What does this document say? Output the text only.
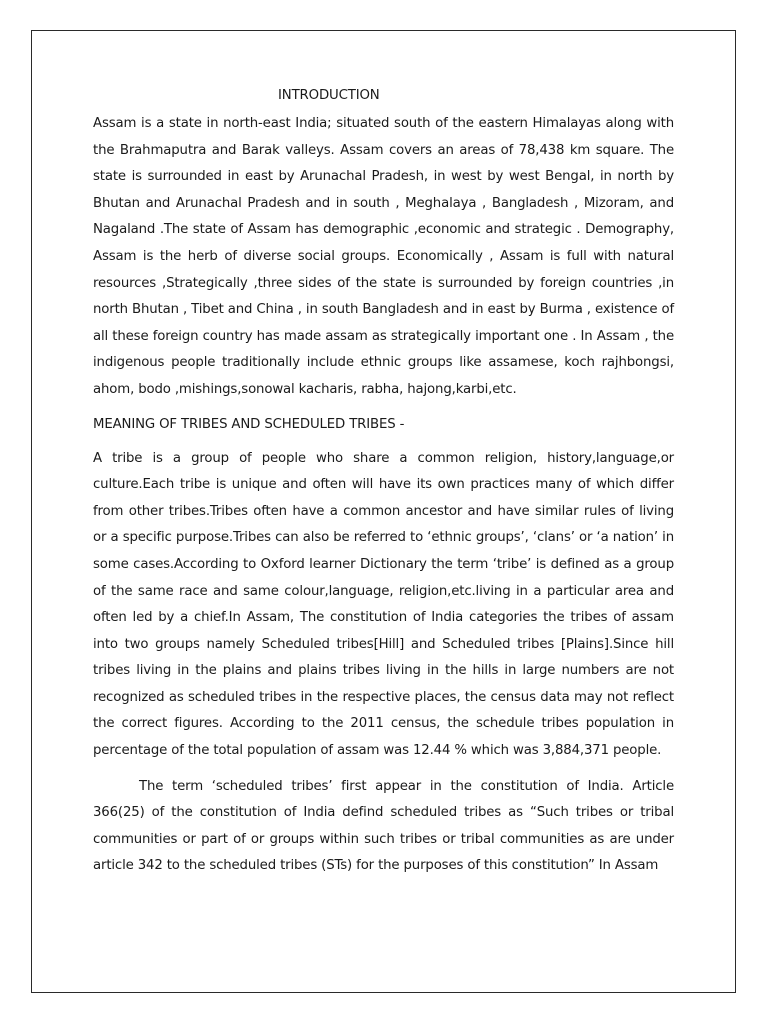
INTRODUCTION

Assam is a state in north-east India; situated south of the eastern Himalayas along with the Brahmaputra and Barak valleys. Assam covers an areas of 78,438 km square. The state is surrounded in east by Arunachal Pradesh, in west by west Bengal, in north by Bhutan and Arunachal Pradesh and in south , Meghalaya , Bangladesh , Mizoram, and Nagaland .The state of Assam has demographic ,economic and strategic . Demography, Assam is the herb of diverse social groups. Economically , Assam is full with natural resources ,Strategically ,three sides of the state is surrounded by foreign countries ,in north Bhutan , Tibet and China , in south Bangladesh and in east by Burma , existence of all these foreign country has made assam as strategically important one . In Assam , the indigenous people traditionally include ethnic groups like assamese, koch rajhbongsi, ahom, bodo ,mishings,sonowal kacharis, rabha, hajong,karbi,etc.

MEANING OF TRIBES AND SCHEDULED TRIBES -

A tribe is a group of people who share a common religion, history,language,or culture.Each tribe is unique and often will have its own practices many of which differ from other tribes.Tribes often have a common ancestor and have similar rules of living or a specific purpose.Tribes can also be referred to ‘ethnic groups’, ‘clans’ or ‘a nation’ in some cases.According to Oxford learner Dictionary the term ‘tribe’ is defined as a group of the same race and same colour,language, religion,etc.living in a particular area and often led by a chief.In Assam, The constitution of India categories the tribes of assam into two groups namely Scheduled tribes[Hill] and Scheduled tribes [Plains].Since hill tribes living in the plains and plains tribes living in the hills in large numbers are not recognized as scheduled tribes in the respective places, the census data may not reflect the correct figures. According to the 2011 census, the schedule tribes population in percentage of the total population of assam was 12.44 % which was 3,884,371 people.

The term ‘scheduled tribes’ first appear in the constitution of India. Article 366(25) of the constitution of India defind scheduled tribes as “Such tribes or tribal communities or part of or groups within such tribes or tribal communities as are under article 342 to the scheduled tribes (STs) for the purposes of this constitution” In Assam
